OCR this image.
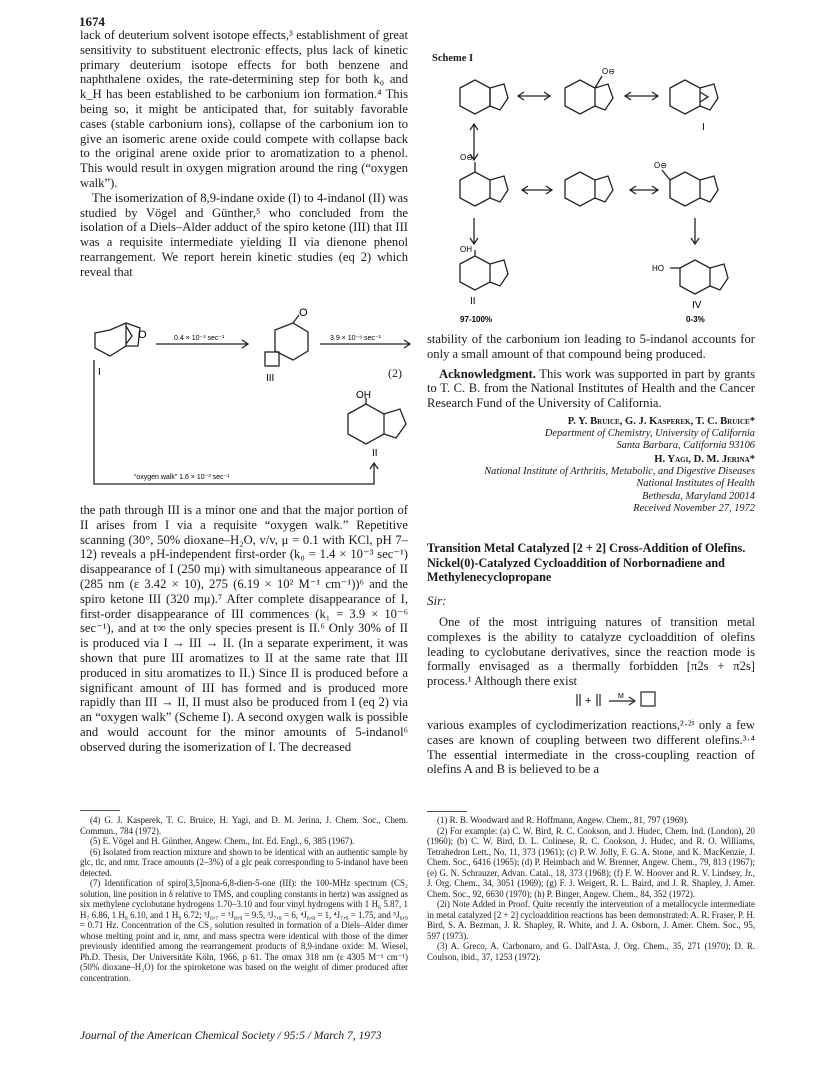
1674

lack of deuterium solvent isotope effects,³ establishment of great sensitivity to substituent electronic effects, plus lack of kinetic primary deuterium isotope effects for both benzene and naphthalene oxides, the rate-determining step for both k₀ and k_H has been established to be carbonium ion formation.⁴ This being so, it might be anticipated that, for suitably favorable cases (stable carbonium ions), collapse of the carbonium ion to give an isomeric arene oxide could compete with collapse back to the original arene oxide prior to aromatization to a phenol. This would result in oxygen migration around the ring (“oxygen walk”).

The isomerization of 8,9-indane oxide (I) to 4-indanol (II) was studied by Vögel and Günther,⁵ who concluded from the isolation of a Diels–Alder adduct of the spiro ketone (III) that III was a requisite intermediate yielding II via dienone phenol rearrangement. We report herein kinetic studies (eq 2) which reveal that

0.4 × 10⁻³ sec⁻¹	3.9 × 10⁻⁶ sec⁻¹
“oxygen walk” 1.6 × 10⁻³ sec⁻¹
I
III
II
OH
O
O
(2)

the path through III is a minor one and that the major portion of II arises from I via a requisite “oxygen walk.” Repetitive scanning (30°, 50% dioxane–H₂O, v/v, μ = 0.1 with KCl, pH 7–12) reveals a pH-independent first-order (k₀ = 1.4 × 10⁻³ sec⁻¹) disappearance of I (250 mμ) with simultaneous appearance of II (285 nm (ε 3.42 × 10), 275 (6.19 × 10² M⁻¹ cm⁻¹))⁶ and the spiro ketone III (320 mμ).⁷ After complete disappearance of I, first-order disappearance of III commences (k₁ = 3.9 × 10⁻⁶ sec⁻¹), and at t∞ the only species present is II.⁶ Only 30% of II is produced via I → III → II. (In a separate experiment, it was shown that pure III aromatizes to II at the same rate that III produced in situ aromatizes to II.) Since II is produced before a significant amount of III has formed and is produced more rapidly than III → II, II must also be produced from I (eq 2) via an “oxygen walk” (Scheme I). A second oxygen walk is possible and would account for the minor amounts of 5-indanol⁶ observed during the isomerization of I. The decreased

(4) G. J. Kasperek, T. C. Bruice, H. Yagi, and D. M. Jerina, J. Chem. Soc., Chem. Commun., 784 (1972).

(5) E. Vögel and H. Günther, Angew. Chem., Int. Ed. Engl., 6, 385 (1967).

(6) Isolated from reaction mixture and shown to be identical with an authentic sample by glc, tlc, and nmr. Trace amounts (2–3%) of a glc peak corresponding to 5-indanol have been detected.

(7) Identification of spiro[3,5]nona-6,8-dien-5-one (III): the 100-MHz spectrum (CS₂ solution, line position in δ relative to TMS, and coupling constants in hertz) was assigned as six methylene cyclobutane hydrogens 1.70–3.10 and four vinyl hydrogens with 1 H₆ 5.87, 1 H₇ 6.86, 1 H₈ 6.10, and 1 H₉ 6.72; ³J₆,₇ = ³J₈,₉ = 9.5, ³J₇,₈ = 6, ⁴J₆,₈ = 1, ⁴J₇,₉ = 1.75, and ⁵J₆,₉ = 0.71 Hz. Concentration of the CS₂ solution resulted in formation of a Diels–Alder dimer whose melting point and ir, nmr, and mass spectra were identical with those of the dimer previously identified among the rearrangement products of 8,9-indane oxide: M. Wiesel, Ph.D. Thesis, Der Universitäte Köln, 1966, p 61. The σmax 318 nm (ε 4305 M⁻¹ cm⁻¹) (50% dioxane–H₂O) for the spiroketone was based on the weight of dimer produced after concentration.

Scheme I
O⊖
O⊖
O⊖
I
OH
HO
II	IV
97-100%	0-3%

stability of the carbonium ion leading to 5-indanol accounts for only a small amount of that compound being produced.

Acknowledgment. This work was supported in part by grants to T. C. B. from the National Institutes of Health and the Cancer Research Fund of the University of California.

P. Y. Bruice, G. J. Kasperek, T. C. Bruice*

Department of Chemistry, University of California

Santa Barbara, California 93106

H. Yagi, D. M. Jerina*

National Institute of Arthritis, Metabolic, and Digestive Diseases

National Institutes of Health

Bethesda, Maryland 20014

Received November 27, 1972

Transition Metal Catalyzed [2 + 2] Cross-Addition of Olefins. Nickel(0)-Catalyzed Cycloaddition of Norbornadiene and Methylenecyclopropane

Sir:

One of the most intriguing natures of transition metal complexes is the ability to catalyze cycloaddition of olefins leading to cyclobutane derivatives, since the reaction mode is formally envisaged as a thermally forbidden [π2s + π2s] process.¹ Although there exist

+	M

various examples of cyclodimerization reactions,²·²ⁱ only a few cases are known of coupling between two different olefins.³·⁴ The essential intermediate in the cross-coupling reaction of olefins A and B is believed to be a

(1) R. B. Woodward and R. Hoffmann, Angew. Chem., 81, 797 (1969).

(2) For example: (a) C. W. Bird, R. C. Cookson, and J. Hudec, Chem. Ind. (London), 20 (1960); (b) C. W. Bird, D. L. Colinese, R. C. Cookson, J. Hudec, and R. O. Williams, Tetrahedron Lett., No. 11, 373 (1961); (c) P. W. Jolly, F. G. A. Stone, and K. MacKenzie, J. Chem. Soc., 6416 (1965); (d) P. Heimbach and W. Brenner, Angew. Chem., 79, 813 (1967); (e) G. N. Schrauzer, Advan. Catal., 18, 373 (1968); (f) F. W. Hoover and R. V. Lindsey, Jr., J. Org. Chem., 34, 3051 (1969); (g) F. J. Weigert, R. L. Baird, and J. R. Shapley, J. Amer. Chem. Soc., 92, 6630 (1970); (h) P. Binger, Angew. Chem., 84, 352 (1972).

(2i) Note Added in Proof. Quite recently the intervention of a metallocycle intermediate in metal catalyzed [2 + 2] cycloaddition reactions has been demonstrated: A. R. Fraser, P. H. Bird, S. A. Bezman, J. R. Shapley, R. White, and J. A. Osborn, J. Amer. Chem. Soc., 95, 597 (1973).

(3) A. Greco, A. Carbonaro, and G. Dall'Asta, J. Org. Chem., 35, 271 (1970); D. R. Coulson, ibid., 37, 1253 (1972).

Journal of the American Chemical Society / 95:5 / March 7, 1973
